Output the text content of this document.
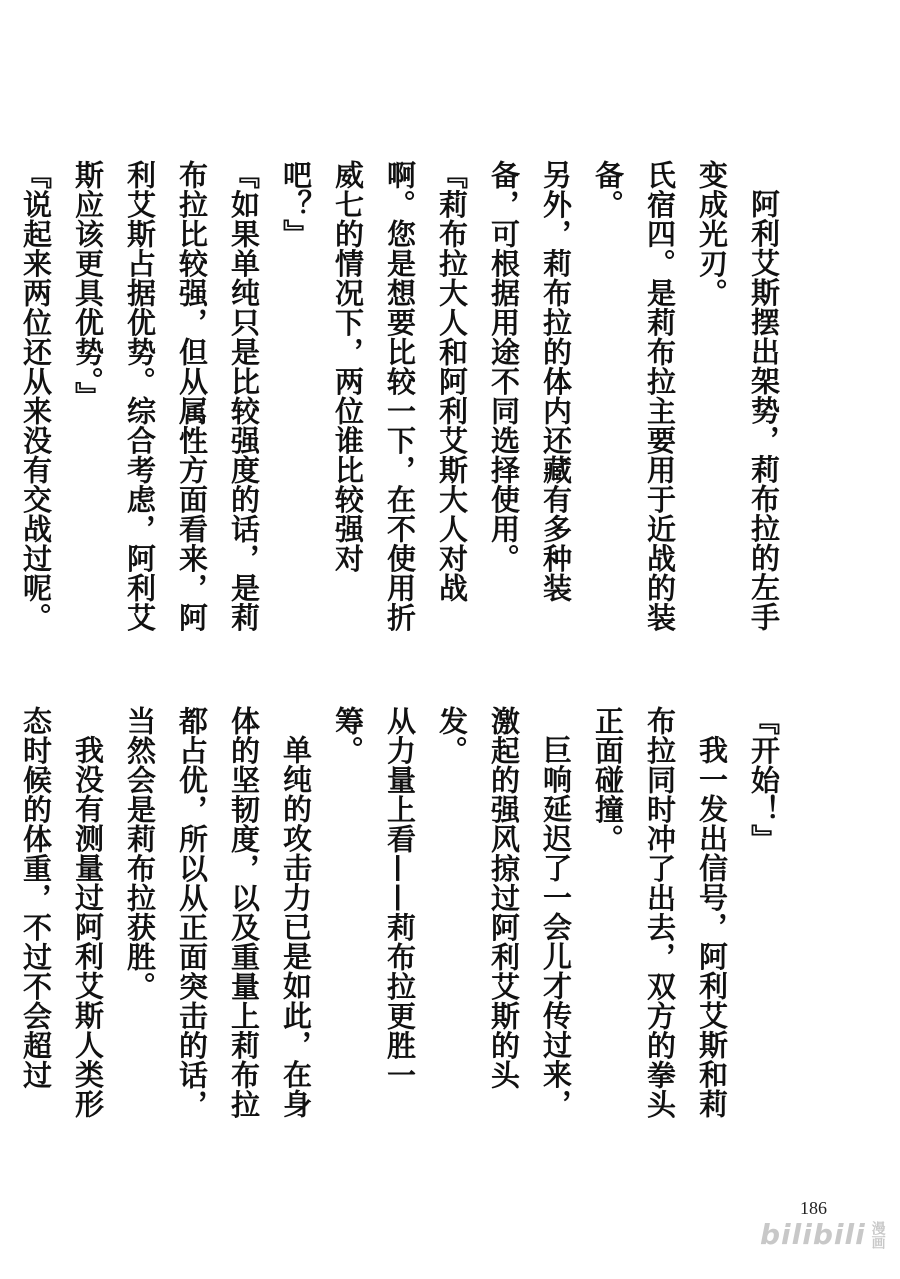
阿利艾斯摆出架势，莉布拉的左手变成光刃。

氏宿四。是莉布拉主要用于近战的装备。

另外，莉布拉的体内还藏有多种装备，可根据用途不同选择使用。

『莉布拉大人和阿利艾斯大人对战啊。您是想要比较一下，在不使用折威七的情况下，两位谁比较强对吧？』

『如果单纯只是比较强度的话，是莉布拉比较强，但从属性方面看来，阿利艾斯占据优势。综合考虑，阿利艾斯应该更具优势。』

『说起来两位还从来没有交战过呢。

『开始！』

我一发出信号，阿利艾斯和莉布拉同时冲了出去，双方的拳头正面碰撞。

巨响延迟了一会儿才传过来，激起的强风掠过阿利艾斯的头发。

从力量上看——莉布拉更胜一筹。

单纯的攻击力已是如此，在身体的坚韧度，以及重量上莉布拉都占优，所以从正面突击的话，当然会是莉布拉获胜。

我没有测量过阿利艾斯人类形态时候的体重，不过不会超过

186
bilibili 漫画
